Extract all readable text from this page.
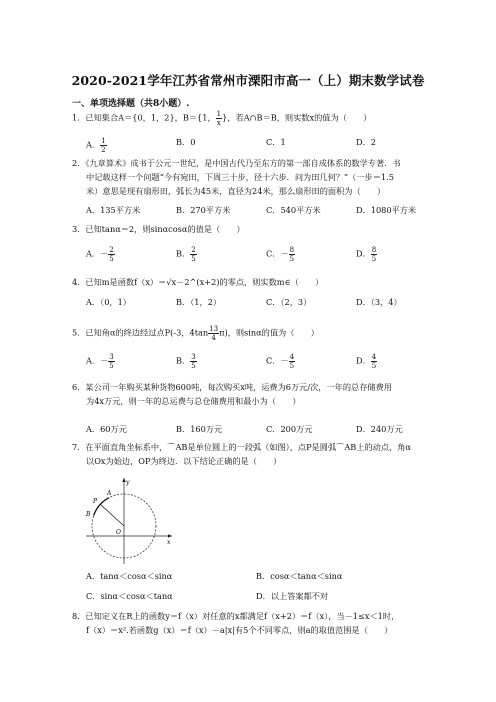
2020-2021学年江苏省常州市溧阳市高一（上）期末数学试卷
一、单项选择题（共8小题）.
1．已知集合A＝{0，1，2}，B＝{1， $\frac{1}{x}$ }，若A∩B＝B，则实数x的值为（　　）
A． $\frac{1}{2}$	B．0	C．1	D．2
2．《九章算术》成书于公元一世纪，是中国古代乃至东方的第一部自成体系的数学专著．书
中记载这样一个问题“今有宛田，下周三十步，径十六步．问为田几何？”（一步＝1.5
米）意思是现有扇形田，弧长为45米，直径为24米，那么扇形田的面积为（　　）
A．135平方米	B．270平方米	C．540平方米	D．1080平方米
3．已知tanα＝2，则sinαcosα的值是（　　）
A．－ $\frac{2}{5}$	B． $\frac{2}{5}$	C．－ $\frac{8}{5}$	D． $\frac{8}{5}$
4．已知m是函数f（x）＝√x－2^(x+2)的零点，则实数m∈（　　）
A．（0，1）	B．（1，2）	C．（2，3）	D．（3，4）
5．已知角α的终边经过点P(-3，$4\tan \frac{13}{4} \pi$)，则sinα的值为（　　）
A．－ $\frac{3}{5}$	B． $\frac{3}{5}$	C．－ $\frac{4}{5}$	D． $\frac{4}{5}$
6．某公司一年购买某种货物600吨，每次购买x吨，运费为6万元/次，一年的总存储费用
为4x万元，则一年的总运费与总仓储费用和最小为（　　）
A．60万元	B．160万元	C．200万元	D．240万元
7．在平面直角坐标系中，⌒AB是单位圆上的一段弧（如图），点P是圆弧⌒AB上的动点，角α
以Ox为始边，OP为终边．以下结论正确的是（　　）
y
x
O
P
A
B
A．tanα＜cosα＜sinα	B．cosα＜tanα＜sinα
C．sinα＜cosα＜tanα	D．以上答案都不对
8．已知定义在R上的函数y＝f（x）对任意的x都满足f（x+2）＝f（x），当－1≤x＜1时，
f（x）＝x².若函数g（x）＝f（x）－a|x|有5个不同零点，则a的取值范围是（　　）
